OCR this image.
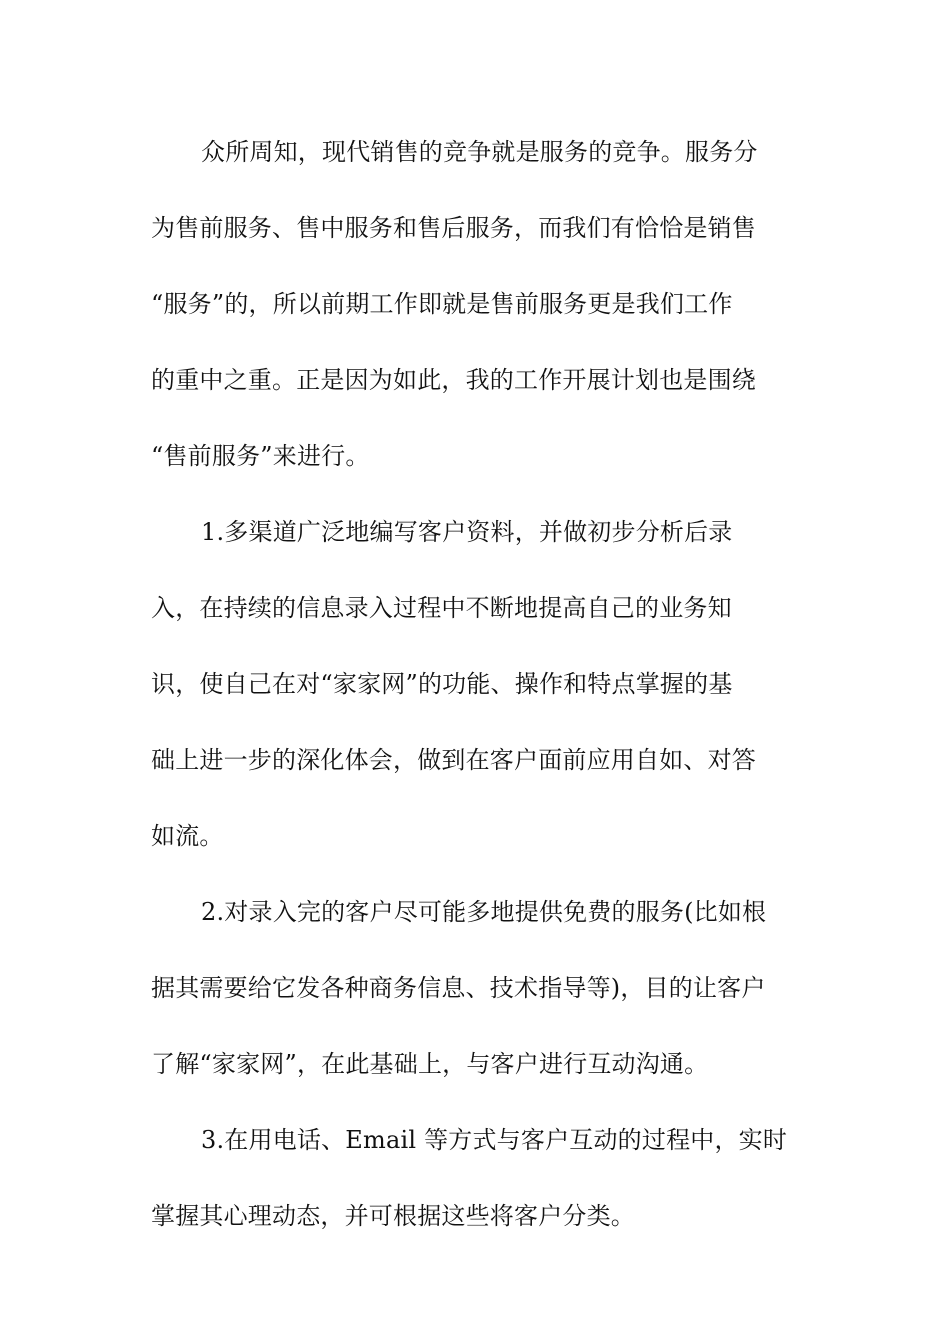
众所周知，现代销售的竞争就是服务的竞争。服务分
为售前服务、售中服务和售后服务，而我们有恰恰是销售
“服务”的，所以前期工作即就是售前服务更是我们工作
的重中之重。正是因为如此，我的工作开展计划也是围绕
“售前服务”来进行。
1.多渠道广泛地编写客户资料，并做初步分析后录
入，在持续的信息录入过程中不断地提高自己的业务知
识，使自己在对“家家网”的功能、操作和特点掌握的基
础上进一步的深化体会，做到在客户面前应用自如、对答
如流。
2.对录入完的客户尽可能多地提供免费的服务(比如根
据其需要给它发各种商务信息、技术指导等)，目的让客户
了解“家家网”，在此基础上，与客户进行互动沟通。
3.在用电话、Email 等方式与客户互动的过程中，实时
掌握其心理动态，并可根据这些将客户分类。
